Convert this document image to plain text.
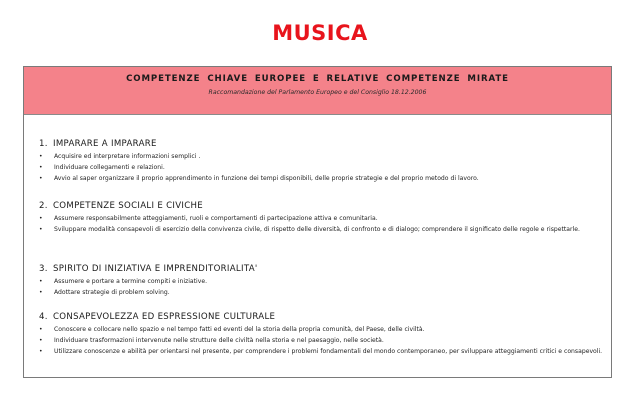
MUSICA
COMPETENZE CHIAVE EUROPEE E RELATIVE COMPETENZE MIRATE
Raccomandazione del Parlamento Europeo e del Consiglio 18.12.2006
1. IMPARARE A IMPARARE
• Acquisire ed interpretare informazioni semplici .
• Individuare collegamenti e relazioni.
• Avvio al saper organizzare il proprio apprendimento in funzione dei tempi disponibili, delle proprie strategie e del proprio metodo di lavoro.
2. COMPETENZE SOCIALI E CIVICHE
• Assumere responsabilmente atteggiamenti, ruoli e comportamenti di partecipazione attiva e comunitaria.
• Sviluppare modalità consapevoli di esercizio della convivenza civile, di rispetto delle diversità, di confronto e di dialogo; comprendere il significato delle regole e rispettarle.
3. SPIRITO DI INIZIATIVA E IMPRENDITORIALITA'
• Assumere e portare a termine compiti e iniziative.
• Adottare strategie di problem solving.
4. CONSAPEVOLEZZA ED ESPRESSIONE CULTURALE
• Conoscere e collocare nello spazio e nel tempo fatti ed eventi del la storia della propria comunità, del Paese, delle civiltà.
• Individuare trasformazioni intervenute nelle strutture delle civiltà nella storia e nel paesaggio, nelle società.
• Utilizzare conoscenze e abilità per orientarsi nel presente, per comprendere i problemi fondamentali del mondo contemporaneo, per sviluppare atteggiamenti critici e consapevoli.
